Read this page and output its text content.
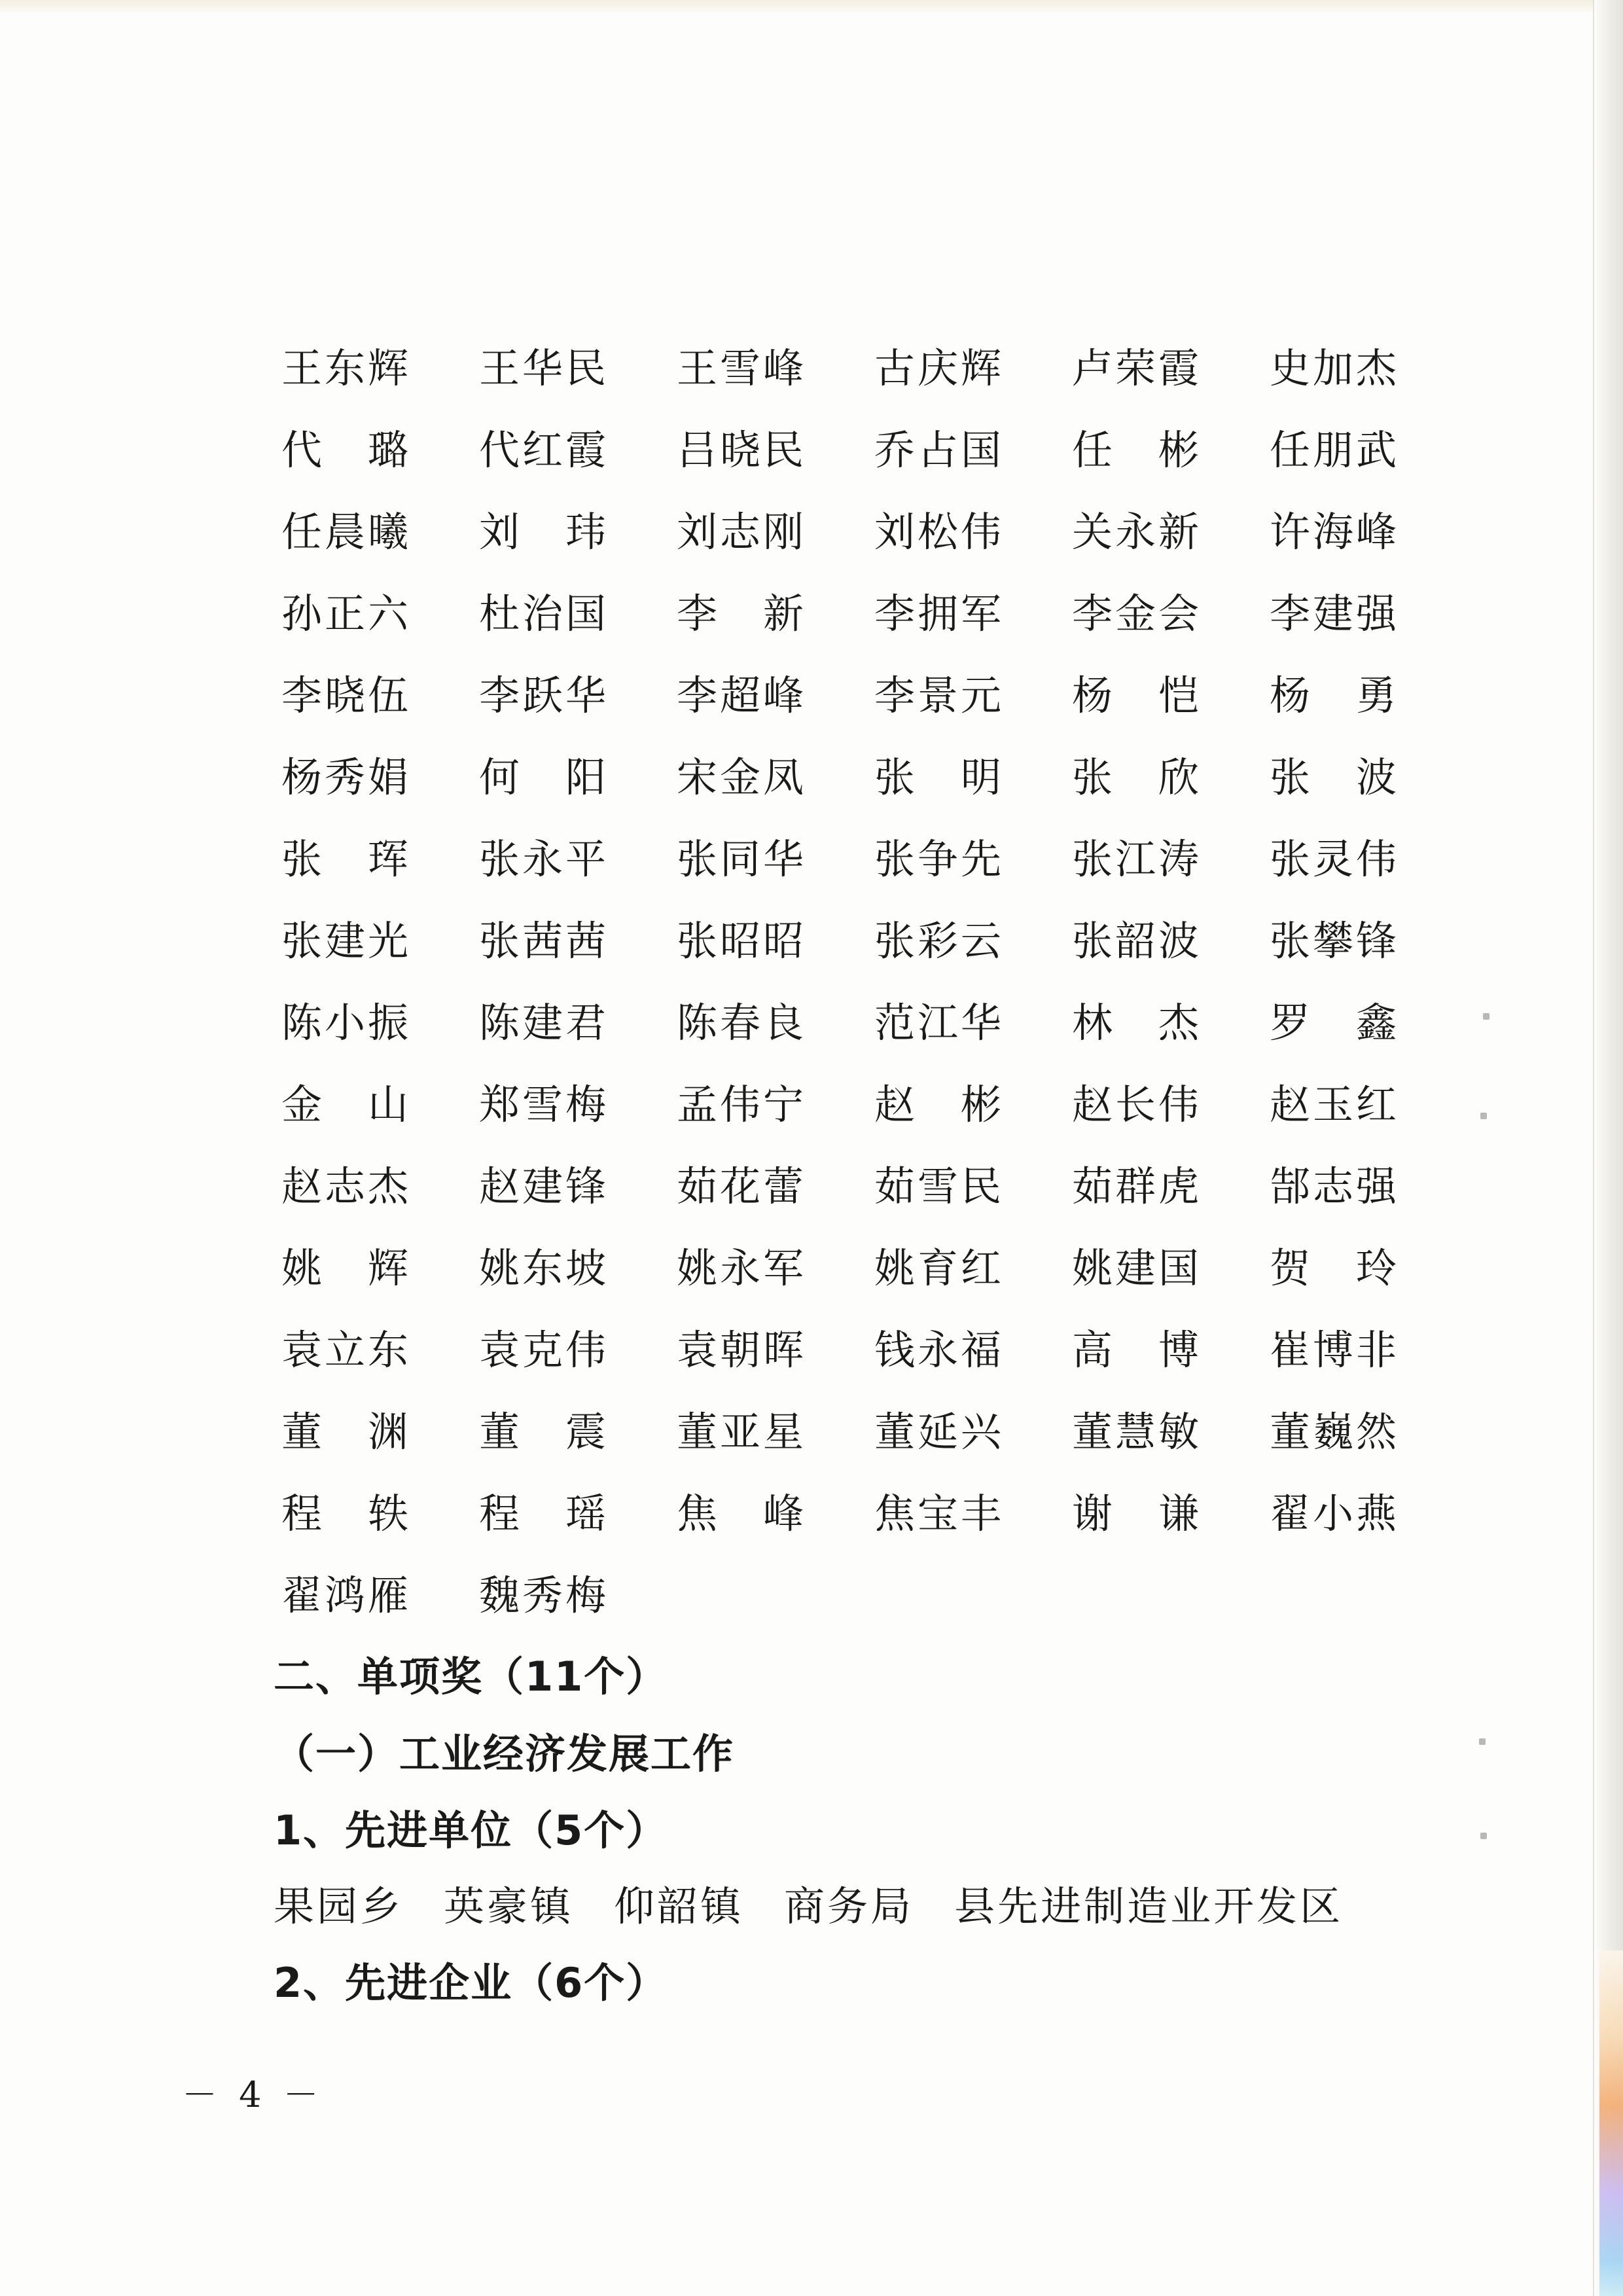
王东辉	王华民	王雪峰	古庆辉	卢荣霞	史加杰
代　璐	代红霞	吕晓民	乔占国	任　彬	任朋武
任晨曦	刘　玮	刘志刚	刘松伟	关永新	许海峰
孙正六	杜治国	李　新	李拥军	李金会	李建强
李晓伍	李跃华	李超峰	李景元	杨　恺	杨　勇
杨秀娟	何　阳	宋金凤	张　明	张　欣	张　波
张　珲	张永平	张同华	张争先	张江涛	张灵伟
张建光	张茜茜	张昭昭	张彩云	张韶波	张攀锋
陈小振	陈建君	陈春良	范江华	林　杰	罗　鑫
金　山	郑雪梅	孟伟宁	赵　彬	赵长伟	赵玉红
赵志杰	赵建锋	茹花蕾	茹雪民	茹群虎	郜志强
姚　辉	姚东坡	姚永军	姚育红	姚建国	贺　玲
袁立东	袁克伟	袁朝晖	钱永福	高　博	崔博非
董　渊	董　震	董亚星	董延兴	董慧敏	董巍然
程　轶	程　瑶	焦　峰	焦宝丰	谢　谦	翟小燕
翟鸿雁	魏秀梅
二、单项奖（11个）
（一）工业经济发展工作
1、先进单位（5个）
果园乡 英豪镇 仰韶镇 商务局 县先进制造业开发区
2、先进企业（6个）
－ 4 －
